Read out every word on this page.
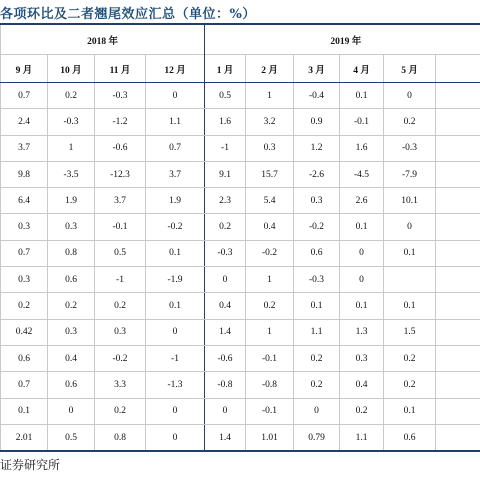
各项环比及二者翘尾效应汇总（单位：%）
	2018 年				2019 年					
	9 月	10 月	11 月	12 月	1 月	2 月	3 月	4 月	5 月	
	0.7	0.2	-0.3	0	0.5	1	-0.4	0.1	0	
	2.4	-0.3	-1.2	1.1	1.6	3.2	0.9	-0.1	0.2	
	3.7	1	-0.6	0.7	-1	0.3	1.2	1.6	-0.3	
	9.8	-3.5	-12.3	3.7	9.1	15.7	-2.6	-4.5	-7.9	
	6.4	1.9	3.7	1.9	2.3	5.4	0.3	2.6	10.1	
	0.3	0.3	-0.1	-0.2	0.2	0.4	-0.2	0.1	0	
	0.7	0.8	0.5	0.1	-0.3	-0.2	0.6	0	0.1	
	0.3	0.6	-1	-1.9	0	1	-0.3	0		
	0.2	0.2	0.2	0.1	0.4	0.2	0.1	0.1	0.1	
	0.42	0.3	0.3	0	1.4	1	1.1	1.3	1.5	
	0.6	0.4	-0.2	-1	-0.6	-0.1	0.2	0.3	0.2	
	0.7	0.6	3.3	-1.3	-0.8	-0.8	0.2	0.4	0.2	
	0.1	0	0.2	0	0	-0.1	0	0.2	0.1	
	2.01	0.5	0.8	0	1.4	1.01	0.79	1.1	0.6	
证券研究所
